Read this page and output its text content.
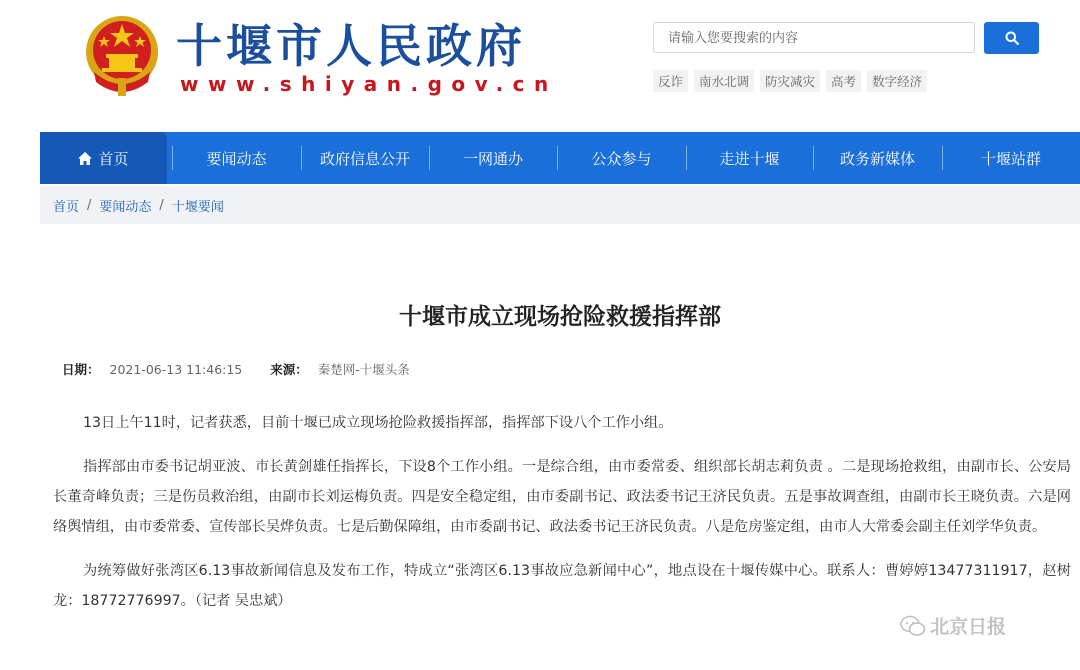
十堰市人民政府
www.shiyan.gov.cn
请输入您要搜索的内容	反诈	南水北调	防灾减灾	高考	数字经济
首页	要闻动态	政府信息公开	一网通办	公众参与	走进十堰	政务新媒体	十堰站群
首页 / 要闻动态 / 十堰要闻
十堰市成立现场抢险救援指挥部
日期： 2021-06-13 11:46:15 来源： 秦楚网-十堰头条

13日上午11时，记者获悉，目前十堰已成立现场抢险救援指挥部，指挥部下设八个工作小组。

指挥部由市委书记胡亚波、市长黄剑雄任指挥长，下设8个工作小组。一是综合组，由市委常委、组织部长胡志莉负责 。二是现场抢救组，由副市长、公安局长董奇峰负责；三是伤员救治组，由副市长刘运梅负责。四是安全稳定组，由市委副书记、政法委书记王济民负责。五是事故调查组，由副市长王晓负责。六是网络舆情组，由市委常委、宣传部长吴烨负责。七是后勤保障组，由市委副书记、政法委书记王济民负责。八是危房鉴定组，由市人大常委会副主任刘学华负责。

为统筹做好张湾区6.13事故新闻信息及发布工作，特成立“张湾区6.13事故应急新闻中心”，地点设在十堰传媒中心。联系人：曹婷婷13477311917，赵树龙：18772776997。（记者 吴忠斌）

北京日报
